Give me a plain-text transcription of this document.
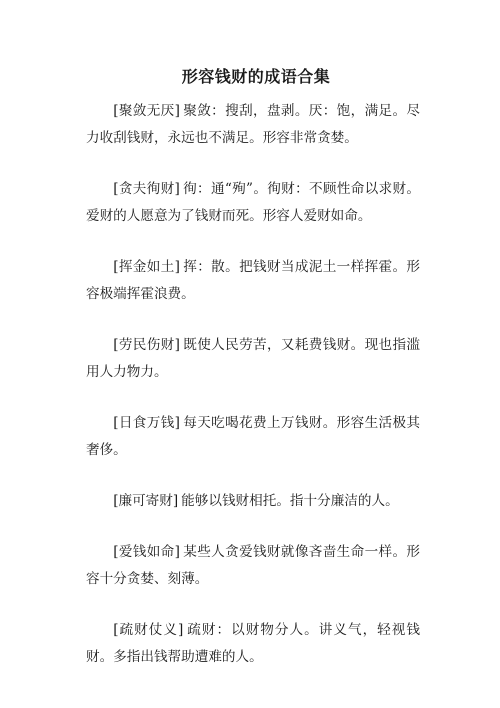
形容钱财的成语合集

[聚敛无厌] 聚敛：搜刮，盘剥。厌：饱，满足。尽力收刮钱财，永远也不满足。形容非常贪婪。

[贪夫徇财] 徇：通“殉”。徇财：不顾性命以求财。爱财的人愿意为了钱财而死。形容人爱财如命。

[挥金如土] 挥：散。把钱财当成泥土一样挥霍。形容极端挥霍浪费。

[劳民伤财] 既使人民劳苦，又耗费钱财。现也指滥用人力物力。

[日食万钱] 每天吃喝花费上万钱财。形容生活极其奢侈。

[廉可寄财] 能够以钱财相托。指十分廉洁的人。

[爱钱如命] 某些人贪爱钱财就像吝啬生命一样。形容十分贪婪、刻薄。

[疏财仗义] 疏财：以财物分人。讲义气，轻视钱财。多指出钱帮助遭难的人。
